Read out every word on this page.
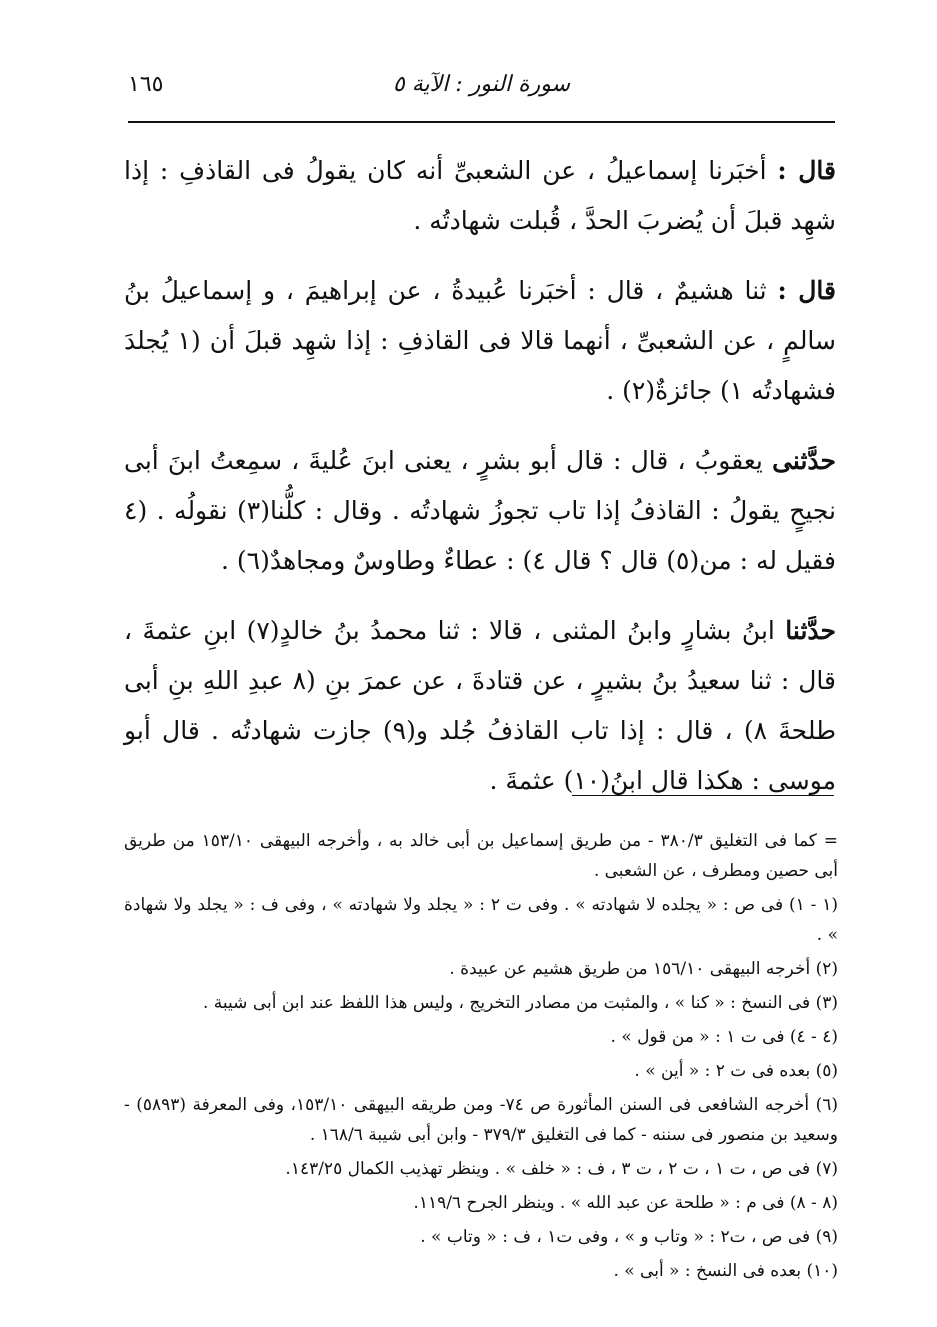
١٦٥	سورة النور : الآية ٥

قال : أخبَرنا إسماعيلُ ، عن الشعبىِّ أنه كان يقولُ فى القاذفِ : إذا شهِد قبلَ أن يُضربَ الحدَّ ، قُبلت شهادتُه .

قال : ثنا هشيمٌ ، قال : أخبَرنا عُبيدةُ ، عن إبراهيمَ ، و إسماعيلُ بنُ سالمٍ ، عن الشعبىِّ ، أنهما قالا فى القاذفِ : إذا شهِد قبلَ أن (١ يُجلدَ فشهادتُه ١) جائزةٌ(٢) .

حدَّثنى يعقوبُ ، قال : قال أبو بشرٍ ، يعنى ابنَ عُليةَ ، سمِعتُ ابنَ أبى نجيحٍ يقولُ : القاذفُ إذا تاب تجوزُ شهادتُه . وقال : كلُّنا(٣) نقولُه . (٤ فقيل له : من(٥) قال ؟ قال ٤) : عطاءٌ وطاوسٌ ومجاهدٌ(٦) .

حدَّثنا ابنُ بشارٍ وابنُ المثنى ، قالا : ثنا محمدُ بنُ خالدٍ(٧) ابنِ عثمةَ ، قال : ثنا سعيدُ بنُ بشيرٍ ، عن قتادةَ ، عن عمرَ بنِ (٨ عبدِ اللهِ بنِ أبى طلحةَ ٨) ، قال : إذا تاب القاذفُ جُلد و(٩) جازت شهادتُه . قال أبو موسى : هكذا قال ابنُ(١٠) عثمةَ .

= كما فى التغليق ٣٨٠/٣ - من طريق إسماعيل بن أبى خالد به ، وأخرجه البيهقى ١٥٣/١٠ من طريق أبى حصين ومطرف ، عن الشعبى .

(١ - ١) فى ص : « يجلده لا شهادته » . وفى ت ٢ : « يجلد ولا شهادته » ، وفى ف : « يجلد ولا شهادة » .

(٢) أخرجه البيهقى ١٥٦/١٠ من طريق هشيم عن عبيدة .

(٣) فى النسخ : « كنا » ، والمثبت من مصادر التخريج ، وليس هذا اللفظ عند ابن أبى شيبة .

(٤ - ٤) فى ت ١ : « من قول » .

(٥) بعده فى ت ٢ : « أين » .

(٦) أخرجه الشافعى فى السنن المأثورة ص ٧٤- ومن طريقه البيهقى ١٥٣/١٠، وفى المعرفة (٥٨٩٣) - وسعيد بن منصور فى سننه - كما فى التغليق ٣٧٩/٣ - وابن أبى شيبة ١٦٨/٦ .

(٧) فى ص ، ت ١ ، ت ٢ ، ت ٣ ، ف : « خلف » . وينظر تهذيب الكمال ١٤٣/٢٥.

(٨ - ٨) فى م : « طلحة عن عبد الله » . وينظر الجرح ١١٩/٦.

(٩) فى ص ، ت٢ : « وتاب و » ، وفى ت١ ، ف : « وتاب » .

(١٠) بعده فى النسخ : « أبى » .
